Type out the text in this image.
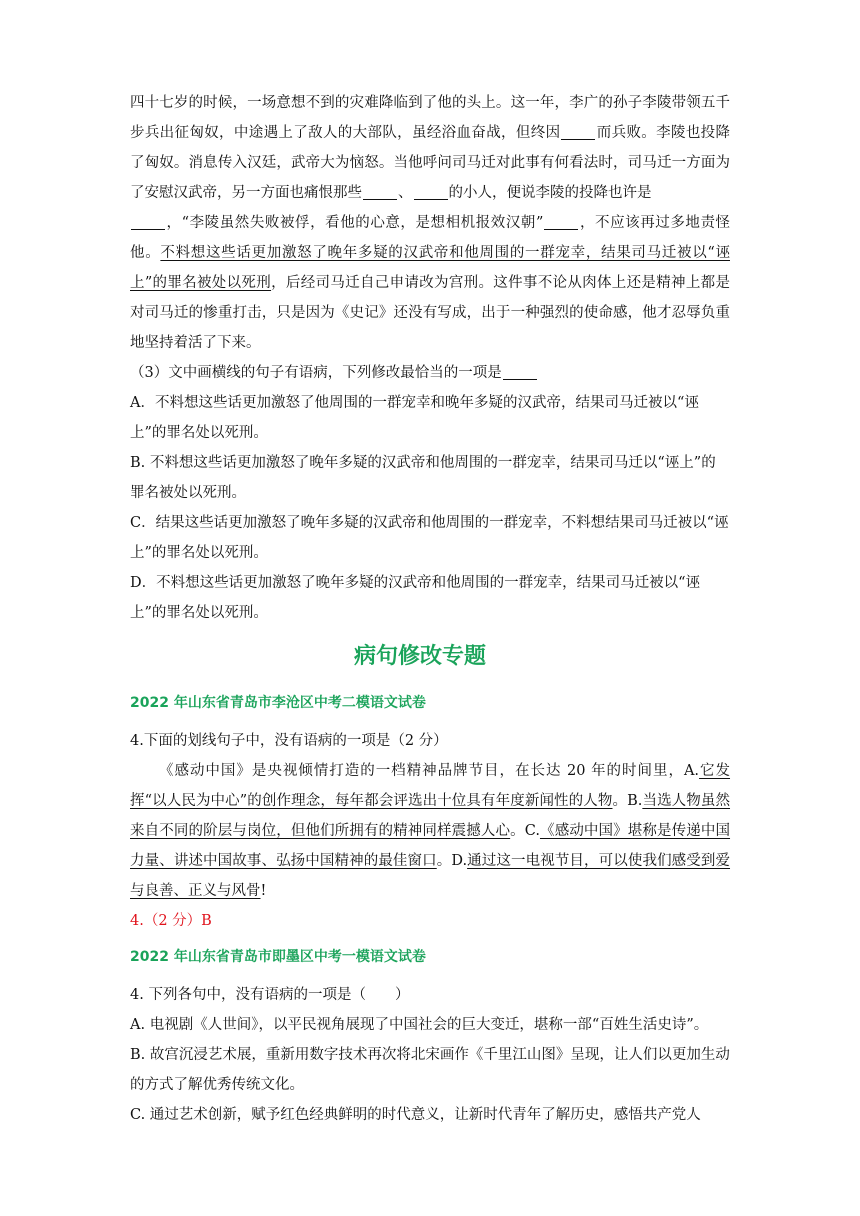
四十七岁的时候，一场意想不到的灾难降临到了他的头上。这一年，李广的孙子李陵带领五千步兵出征匈奴，中途遇上了敌人的大部队，虽经浴血奋战，但终因 而兵败。李陵也投降了匈奴。消息传入汉廷，武帝大为恼怒。当他呼问司马迁对此事有何看法时，司马迁一方面为了安慰汉武帝，另一方面也痛恨那些 、 的小人，便说李陵的投降也许是
，“李陵虽然失败被俘，看他的心意，是想相机报效汉朝” ，不应该再过多地责怪他。不料想这些话更加激怒了晚年多疑的汉武帝和他周围的一群宠幸，结果司马迁被以“诬上”的罪名被处以死刑，后经司马迁自己申请改为宫刑。这件事不论从肉体上还是精神上都是对司马迁的惨重打击，只是因为《史记》还没有写成，出于一种强烈的使命感，他才忍辱负重地坚持着活了下来。

（3）文中画横线的句子有语病，下列修改最恰当的一项是

A．不料想这些话更加激怒了他周围的一群宠幸和晚年多疑的汉武帝，结果司马迁被以“诬上”的罪名处以死刑。

B. 不料想这些话更加激怒了晚年多疑的汉武帝和他周围的一群宠幸，结果司马迁以“诬上”的罪名被处以死刑。

C．结果这些话更加激怒了晚年多疑的汉武帝和他周围的一群宠幸，不料想结果司马迁被以“诬上”的罪名处以死刑。

D．不料想这些话更加激怒了晚年多疑的汉武帝和他周围的一群宠幸，结果司马迁被以“诬上”的罪名处以死刑。

病句修改专题
2022 年山东省青岛市李沧区中考二模语文试卷

4.下面的划线句子中，没有语病的一项是（2 分）

《感动中国》是央视倾情打造的一档精神品牌节目，在长达 20 年的时间里，A.它发挥“以人民为中心”的创作理念，每年都会评选出十位具有年度新闻性的人物。B.当选人物虽然来自不同的阶层与岗位，但他们所拥有的精神同样震撼人心。C.《感动中国》堪称是传递中国力量、讲述中国故事、弘扬中国精神的最佳窗口。D.通过这一电视节目，可以使我们感受到爱与良善、正义与风骨!

4.（2 分）B

2022 年山东省青岛市即墨区中考一模语文试卷

4. 下列各句中，没有语病的一项是（　　）

A. 电视剧《人世间》，以平民视角展现了中国社会的巨大变迁，堪称一部“百姓生活史诗”。

B. 故宫沉浸艺术展，重新用数字技术再次将北宋画作《千里江山图》呈现，让人们以更加生动的方式了解优秀传统文化。

C. 通过艺术创新，赋予红色经典鲜明的时代意义，让新时代青年了解历史，感悟共产党人
